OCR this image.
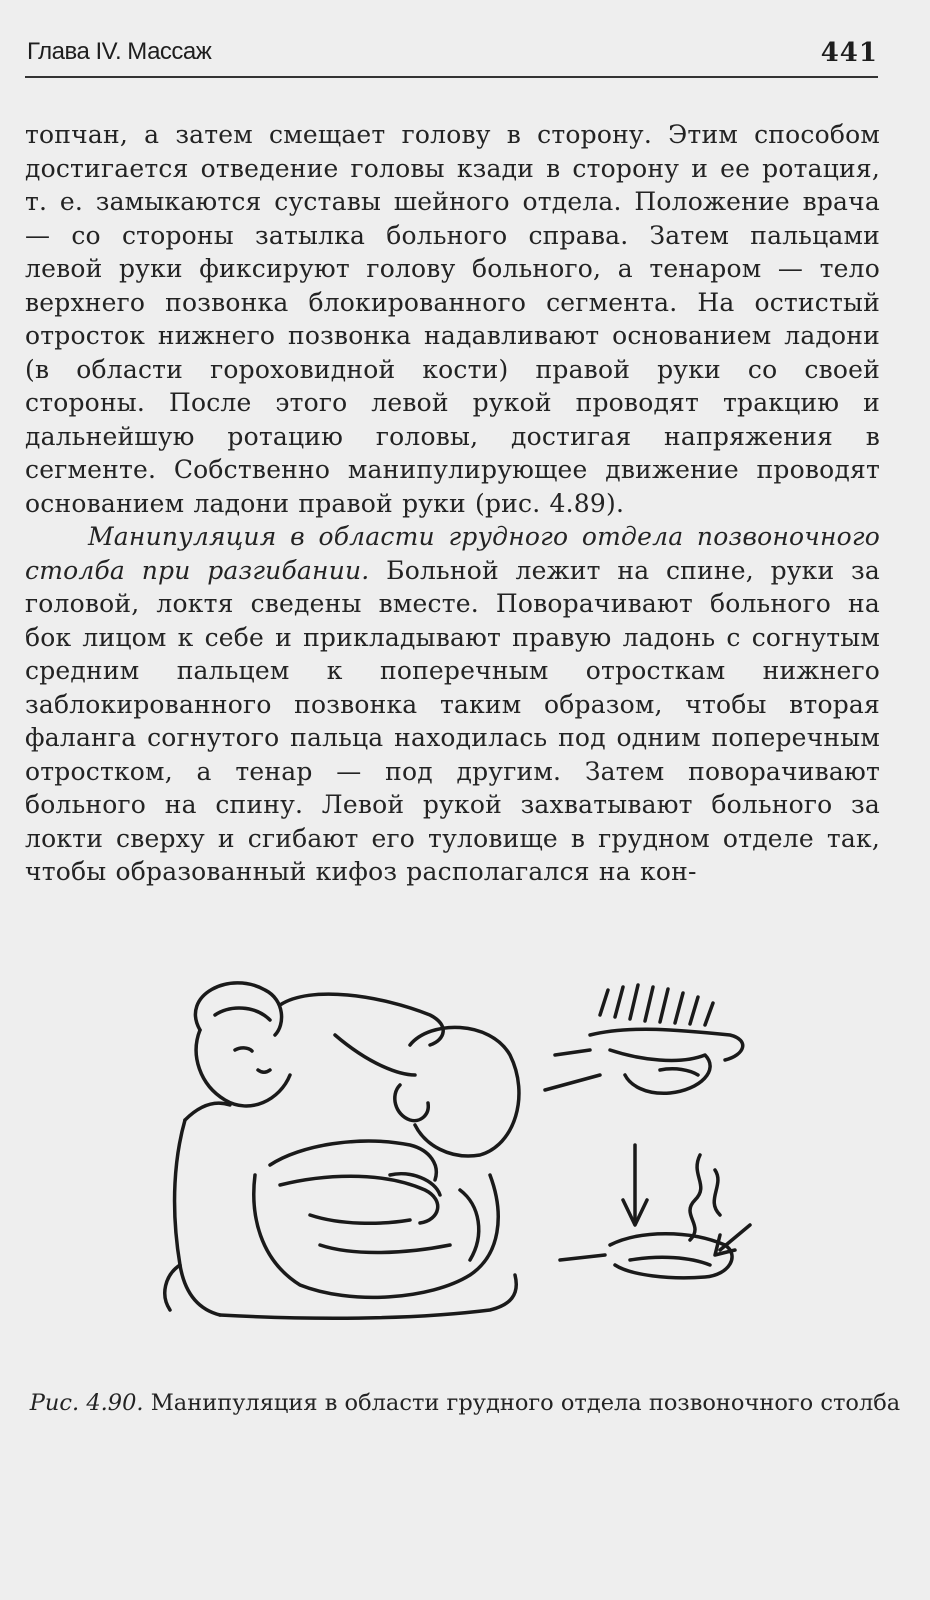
Глава IV. Массаж	441

топчан, а затем смещает голову в сторону. Этим способом достигается отведение головы кзади в сторону и ее ротация, т. е. замыкаются суставы шейного отдела. Положение врача — со стороны затылка больного справа. Затем пальцами левой руки фиксируют голову больного, а тенаром — тело верхнего позвонка блокированного сегмента. На остистый отросток нижнего позвонка надавливают основанием ладони (в области гороховидной кости) правой руки со своей стороны. После этого левой рукой проводят тракцию и дальнейшую ротацию головы, достигая напряжения в сегменте. Собственно манипулирующее движение проводят основанием ладони правой руки (рис. 4.89).

Манипуляция в области грудного отдела позвоночного столба при разгибании. Больной лежит на спине, руки за головой, локтя сведены вместе. Поворачивают больного на бок лицом к себе и прикладывают правую ладонь с согнутым средним пальцем к поперечным отросткам нижнего заблокированного позвонка таким образом, чтобы вторая фаланга согнутого пальца находилась под одним поперечным отростком, а тенар — под другим. Затем поворачивают больного на спину. Левой рукой захватывают больного за локти сверху и сгибают его туловище в грудном отделе так, чтобы образованный кифоз располагался на кон-

Рис. 4.90. Манипуляция в области грудного отдела позвоночного столба
